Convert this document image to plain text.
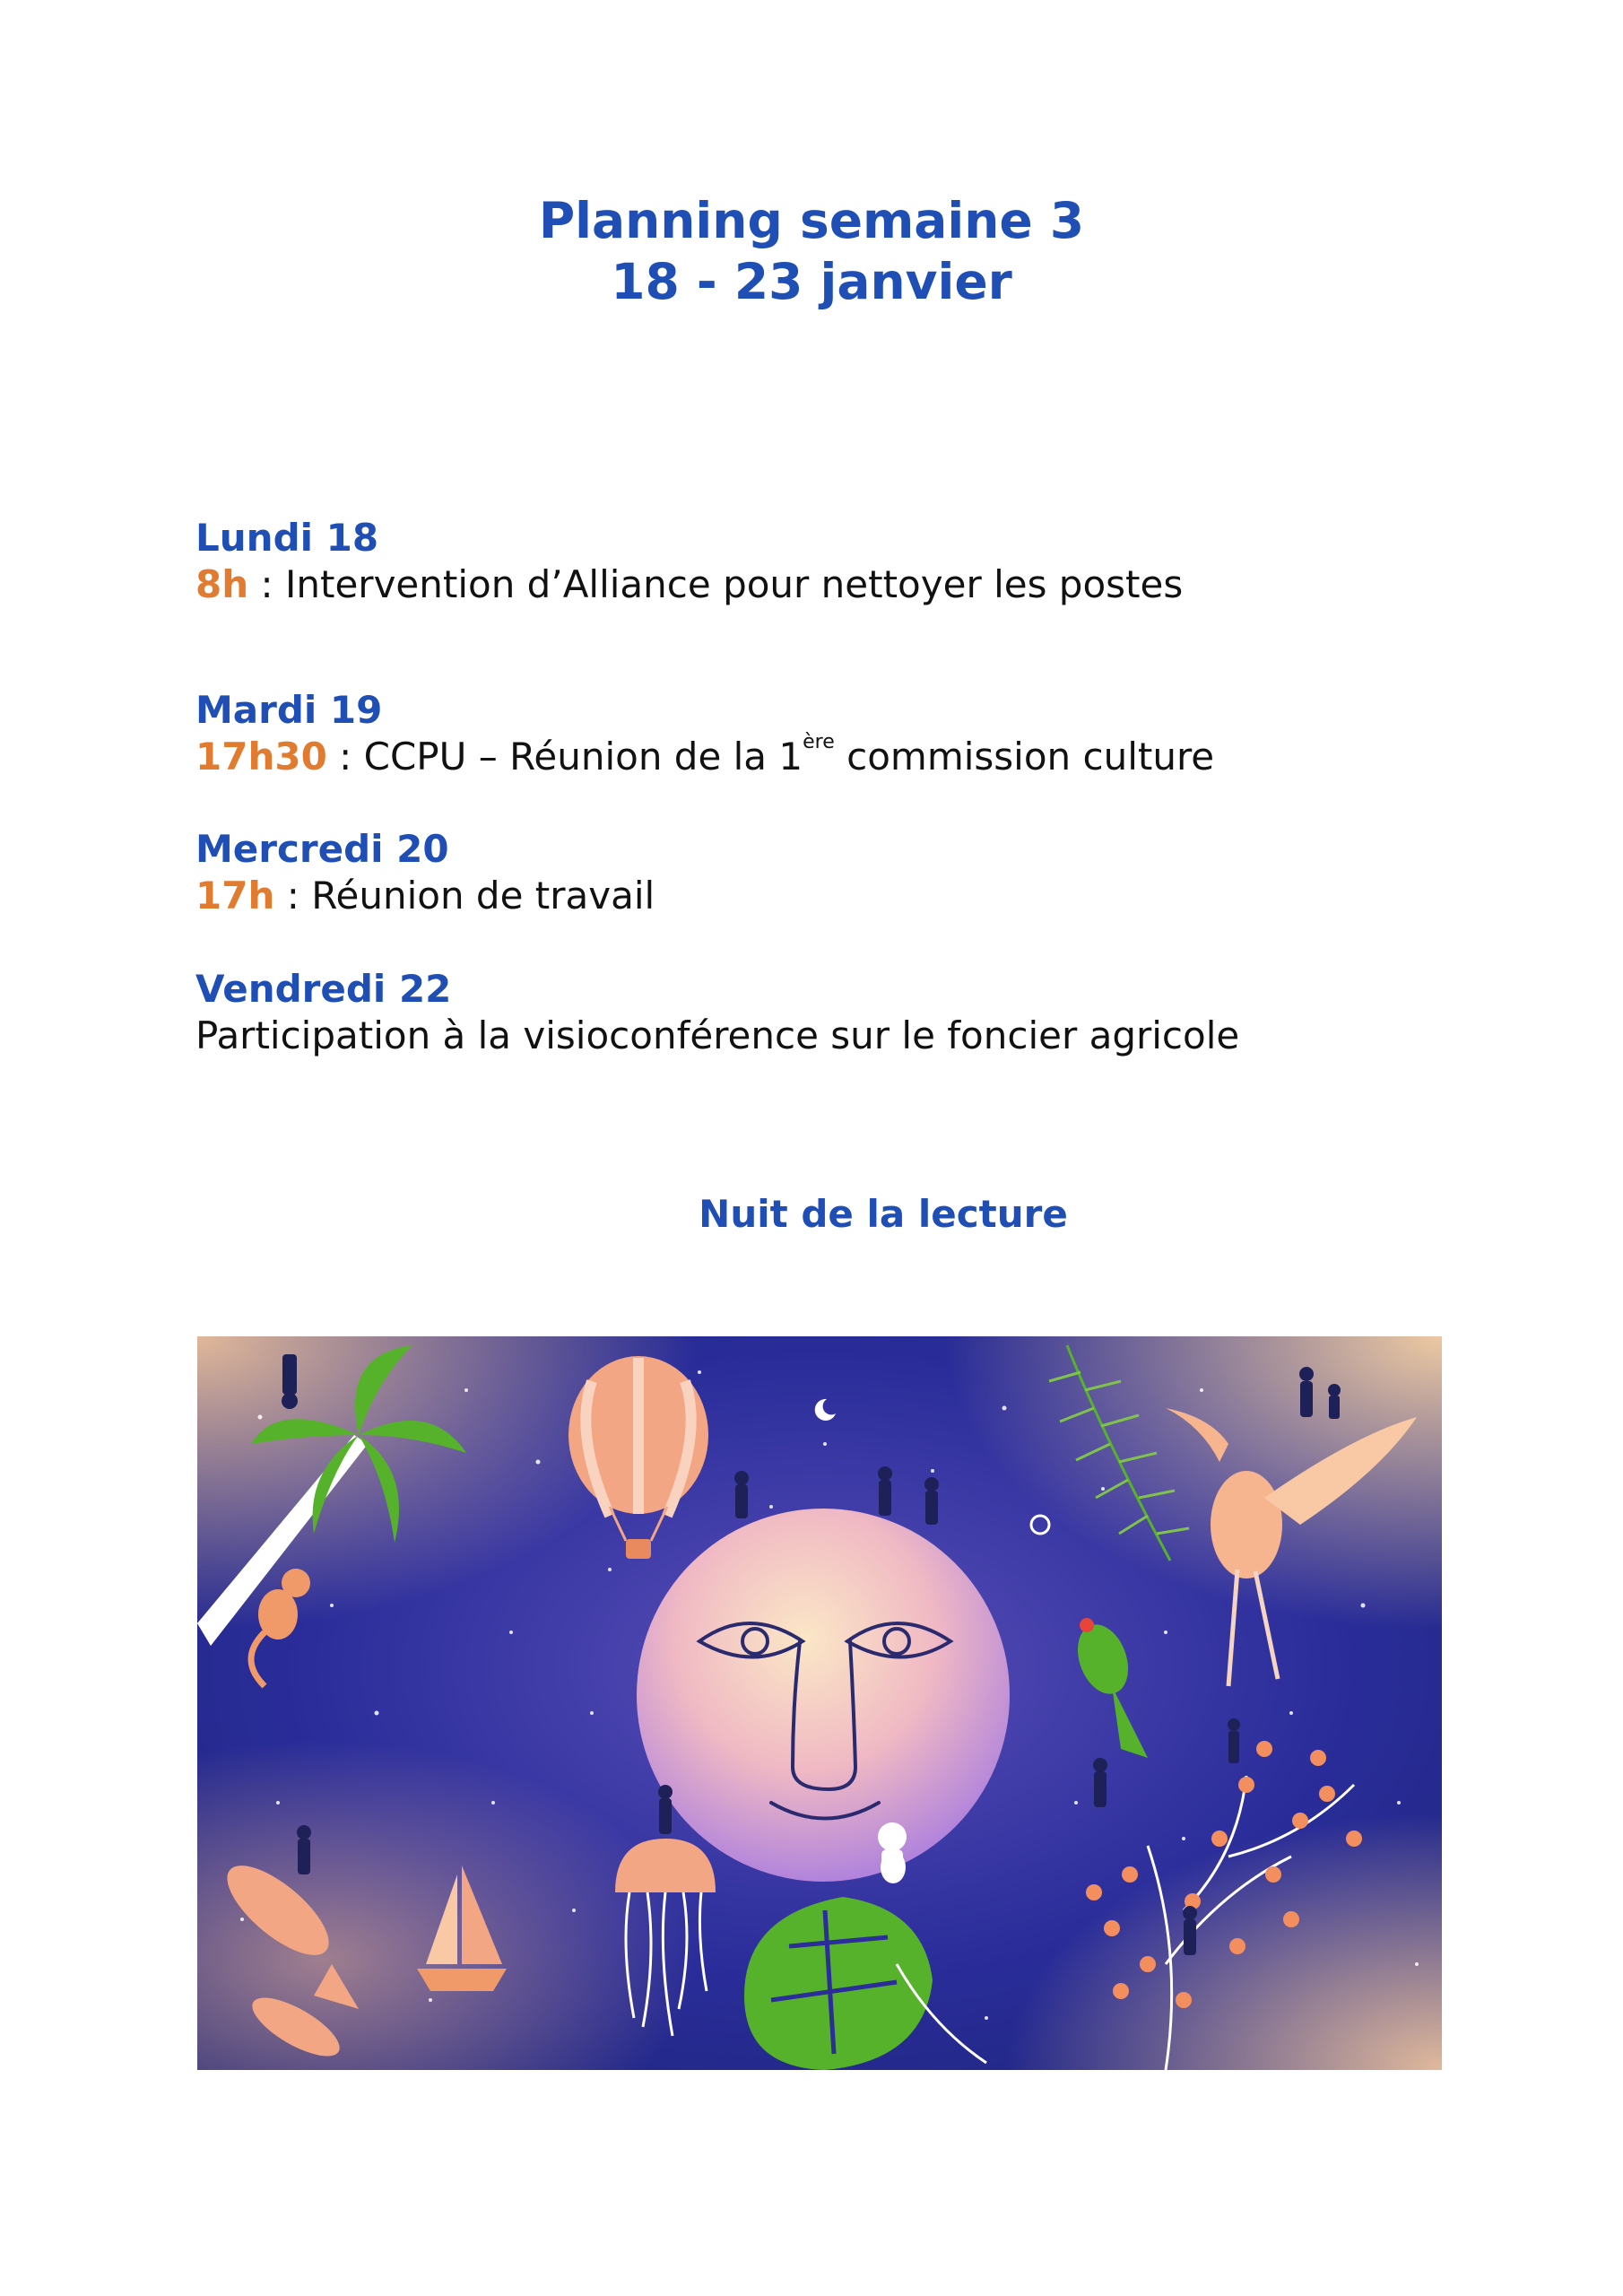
Planning semaine 3
18 - 23 janvier
Lundi 18
8h : Intervention d’Alliance pour nettoyer les postes
Mardi 19
17h30 : CCPU – Réunion de la 1ère commission culture
Mercredi 20
17h : Réunion de travail
Vendredi 22
Participation à la visioconférence sur le foncier agricole
Nuit de la lecture
